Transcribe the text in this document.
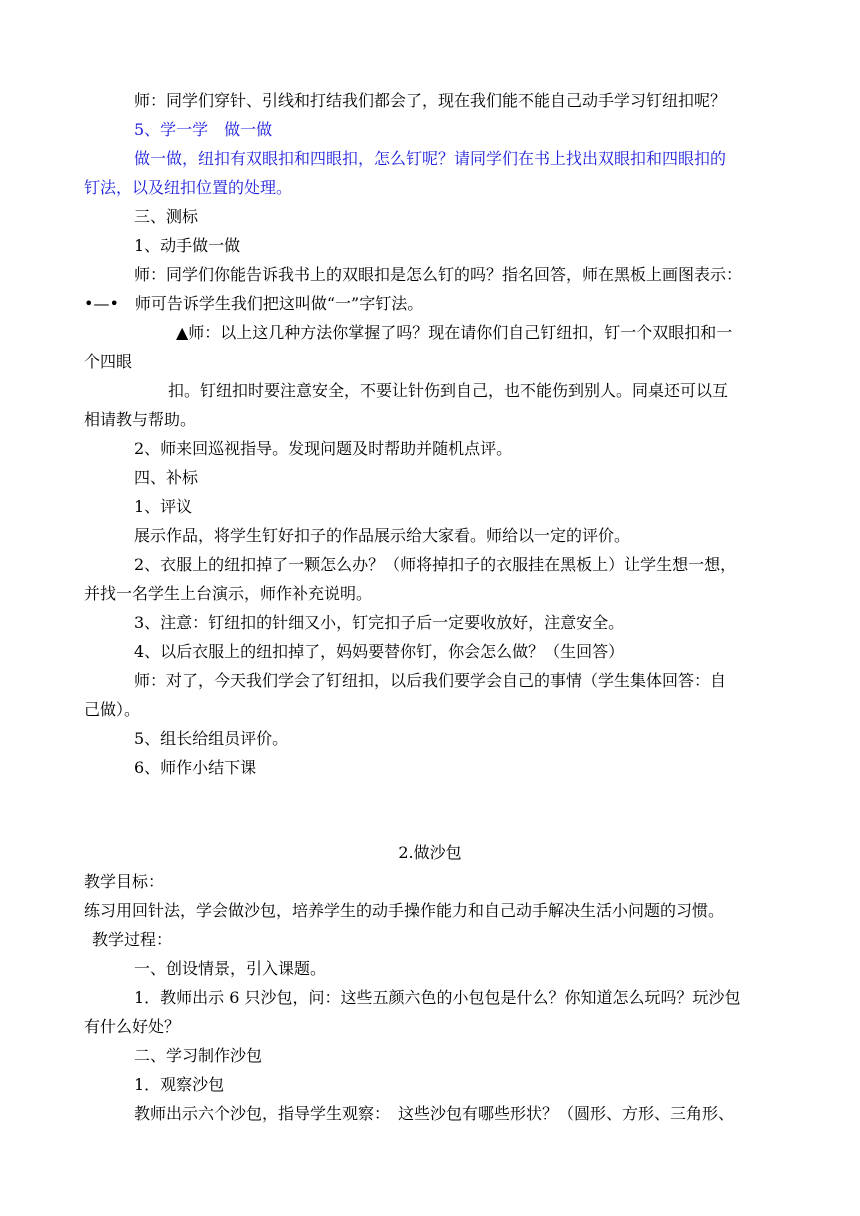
师：同学们穿针、引线和打结我们都会了，现在我们能不能自己动手学习钉纽扣呢？
5、学一学　做一做
做一做，纽扣有双眼扣和四眼扣，怎么钉呢？请同学们在书上找出双眼扣和四眼扣的
钉法，以及纽扣位置的处理。
三、测标
1、动手做一做
师：同学们你能告诉我书上的双眼扣是怎么钉的吗？指名回答，师在黑板上画图表示：
•—•　师可告诉学生我们把这叫做“一”字钉法。
▲师：以上这几种方法你掌握了吗？现在请你们自己钉纽扣，钉一个双眼扣和一
个四眼
扣。钉纽扣时要注意安全，不要让针伤到自己，也不能伤到别人。同桌还可以互
相请教与帮助。
2、师来回巡视指导。发现问题及时帮助并随机点评。
四、补标
1、评议
展示作品，将学生钉好扣子的作品展示给大家看。师给以一定的评价。
2、衣服上的纽扣掉了一颗怎么办？（师将掉扣子的衣服挂在黑板上）让学生想一想，
并找一名学生上台演示，师作补充说明。
3、注意：钉纽扣的针细又小，钉完扣子后一定要收放好，注意安全。
4、以后衣服上的纽扣掉了，妈妈要替你钉，你会怎么做？（生回答）
师：对了，今天我们学会了钉纽扣，以后我们要学会自己的事情（学生集体回答：自
己做）。
5、组长给组员评价。
6、师作小结下课
2.做沙包
教学目标：
练习用回针法，学会做沙包，培养学生的动手操作能力和自己动手解决生活小问题的习惯。
教学过程：
一、创设情景，引入课题。
1．教师出示 6 只沙包，问：这些五颜六色的小包包是什么？你知道怎么玩吗？玩沙包
有什么好处？
二、学习制作沙包
1．观察沙包
教师出示六个沙包，指导学生观察：　这些沙包有哪些形状？（圆形、方形、三角形、
